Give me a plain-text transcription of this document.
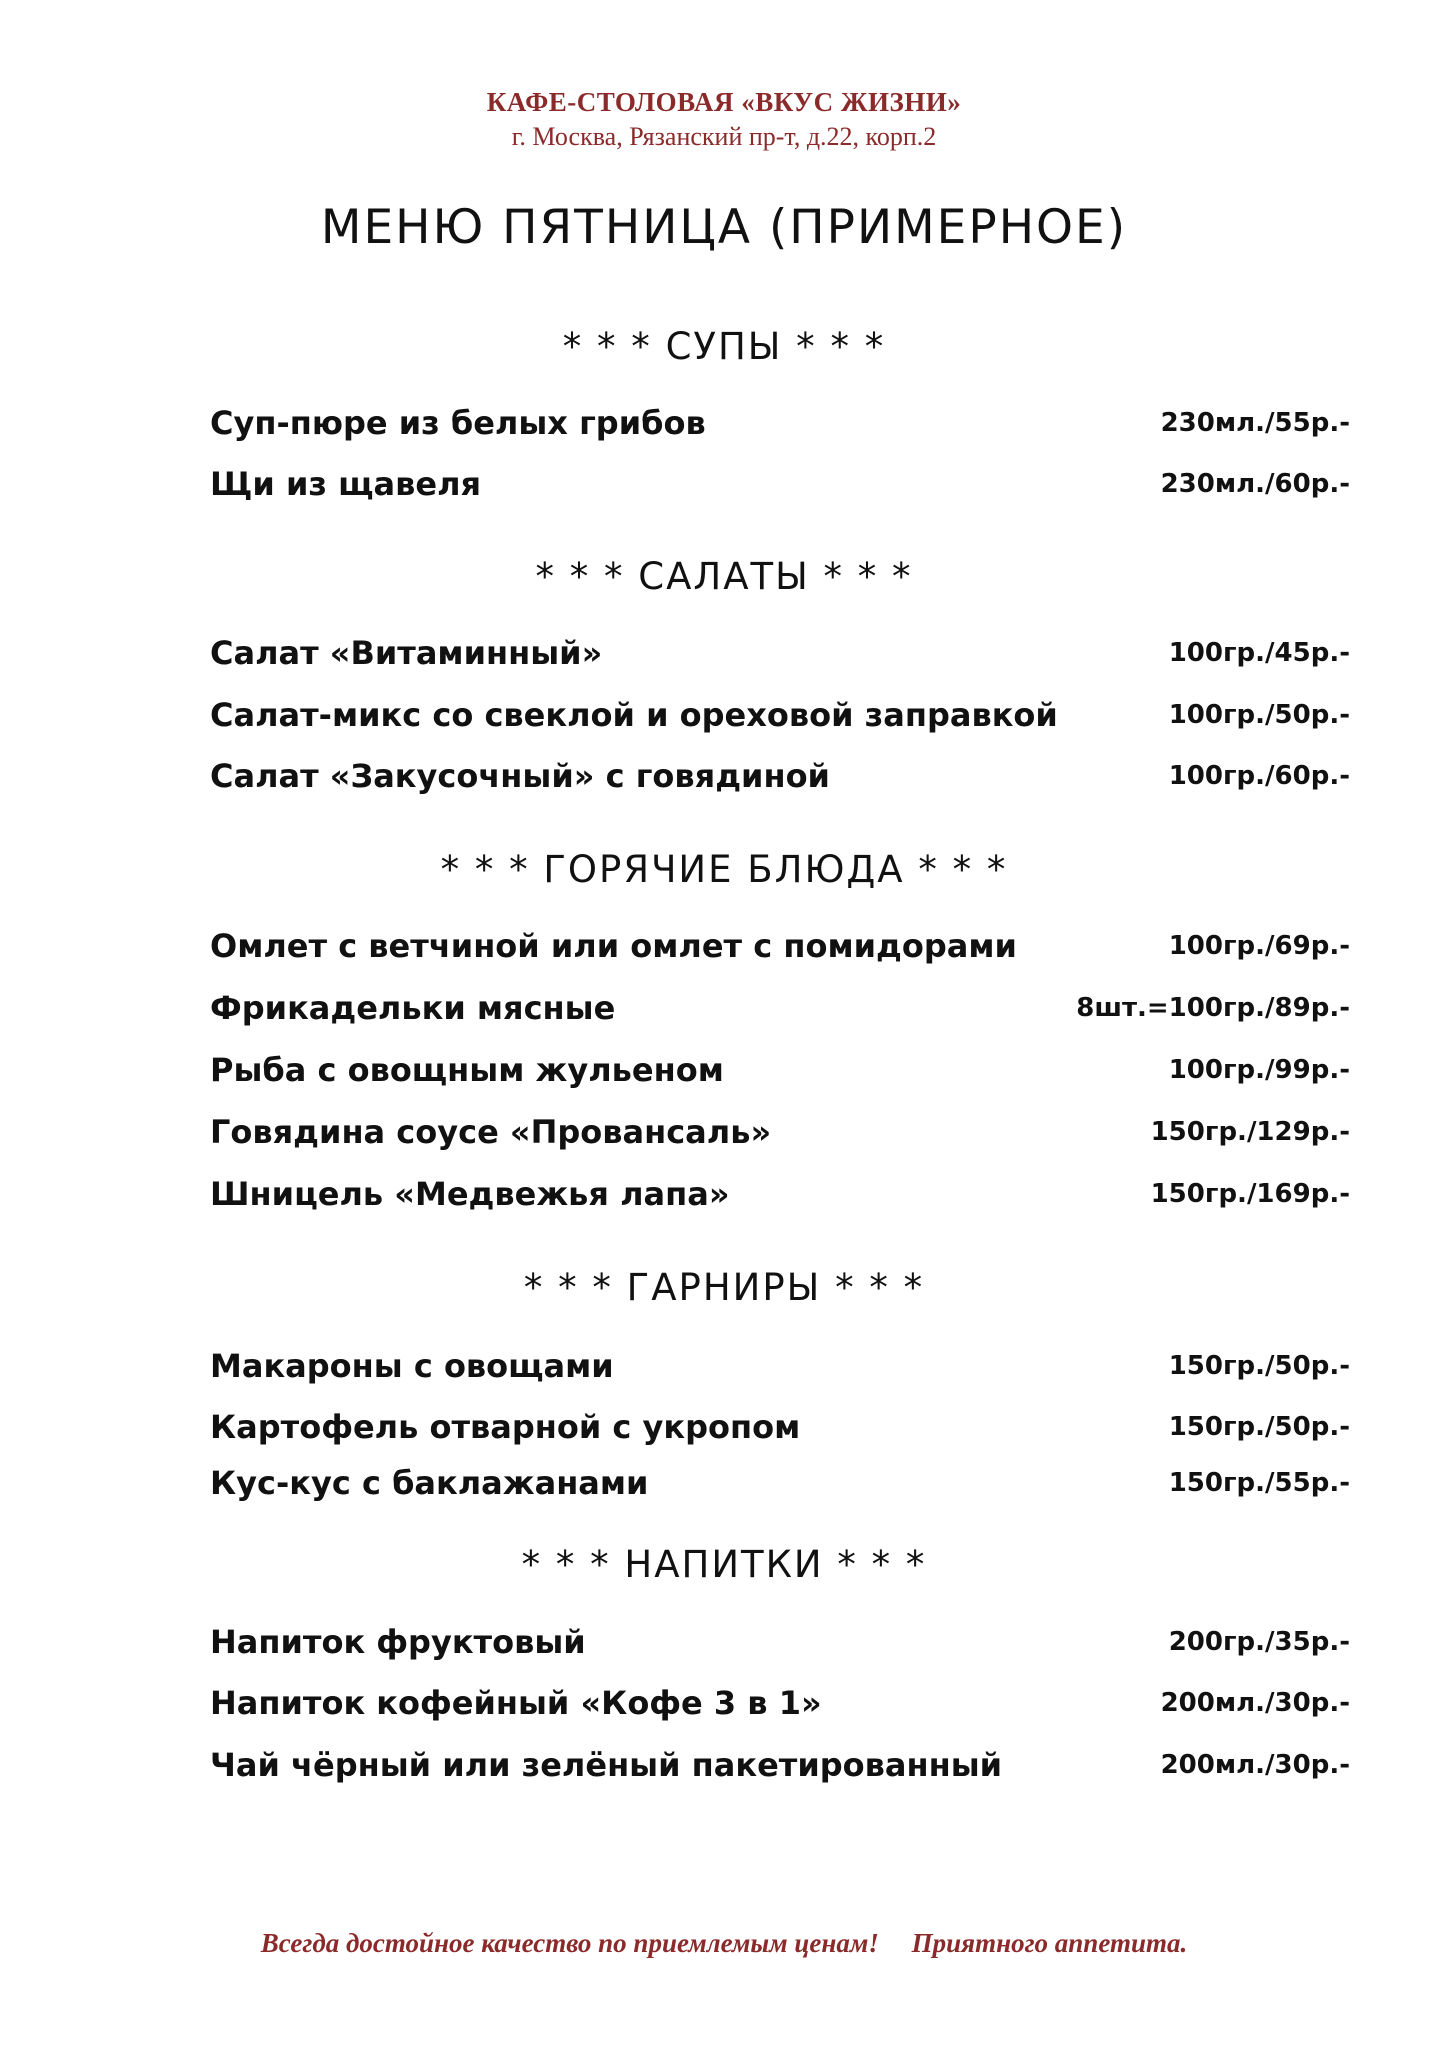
КАФЕ-СТОЛОВАЯ «ВКУС ЖИЗНИ»
г. Москва, Рязанский пр-т, д.22, корп.2
МЕНЮ ПЯТНИЦА (ПРИМЕРНОЕ)
* * * СУПЫ * * *
Суп-пюре из белых грибов	230мл./55р.-
Щи из щавеля	230мл./60р.-
* * * САЛАТЫ * * *
Салат «Витаминный»	100гр./45р.-
Салат-микс со свеклой и ореховой заправкой	100гр./50р.-
Салат «Закусочный» с говядиной	100гр./60р.-
* * * ГОРЯЧИЕ БЛЮДА * * *
Омлет с ветчиной или омлет с помидорами	100гр./69р.-
Фрикадельки мясные	8шт.=100гр./89р.-
Рыба с овощным жульеном	100гр./99р.-
Говядина соусе «Провансаль»	150гр./129р.-
Шницель «Медвежья лапа»	150гр./169р.-
* * * ГАРНИРЫ * * *
Макароны с овощами	150гр./50р.-
Картофель отварной с укропом	150гр./50р.-
Кус-кус с баклажанами	150гр./55р.-
* * * НАПИТКИ * * *
Напиток фруктовый	200гр./35р.-
Напиток кофейный «Кофе 3 в 1»	200мл./30р.-
Чай чёрный или зелёный пакетированный	200мл./30р.-
Всегда достойное качество по приемлемым ценам! Приятного аппетита.
